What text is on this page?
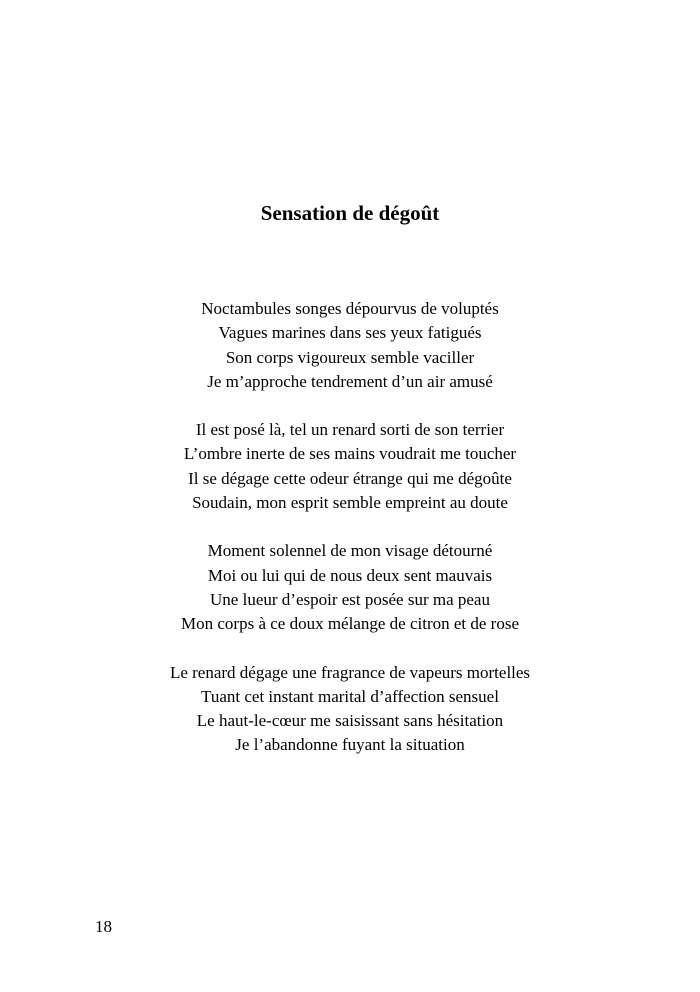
Sensation de dégoût
Noctambules songes dépourvus de voluptés
Vagues marines dans ses yeux fatigués
Son corps vigoureux semble vaciller
Je m’approche tendrement d’un air amusé
Il est posé là, tel un renard sorti de son terrier
L’ombre inerte de ses mains voudrait me toucher
Il se dégage cette odeur étrange qui me dégoûte
Soudain, mon esprit semble empreint au doute
Moment solennel de mon visage détourné
Moi ou lui qui de nous deux sent mauvais
Une lueur d’espoir est posée sur ma peau
Mon corps à ce doux mélange de citron et de rose
Le renard dégage une fragrance de vapeurs mortelles
Tuant cet instant marital d’affection sensuel
Le haut-le-cœur me saisissant sans hésitation
Je l’abandonne fuyant la situation
18
